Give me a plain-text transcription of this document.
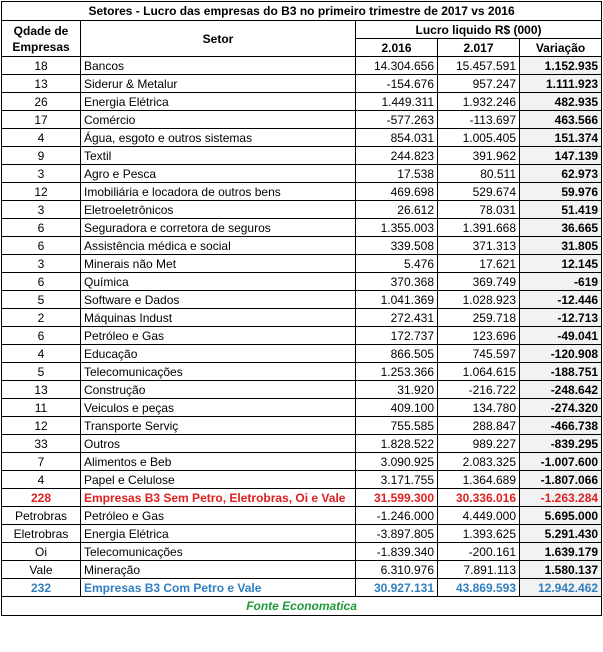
Setores - Lucro das empresas do B3 no primeiro trimestre de 2017 vs 2016				
Qdade de Empresas	Setor	Lucro liquido R$ (000)		
		2.016	2.017	Variação
18	Bancos	14.304.656	15.457.591	1.152.935
13	Siderur & Metalur	-154.676	957.247	1.111.923
26	Energia Elétrica	1.449.311	1.932.246	482.935
17	Comércio	-577.263	-113.697	463.566
4	Água, esgoto e outros sistemas	854.031	1.005.405	151.374
9	Textil	244.823	391.962	147.139
3	Agro e Pesca	17.538	80.511	62.973
12	Imobiliária e locadora de outros bens	469.698	529.674	59.976
3	Eletroeletrônicos	26.612	78.031	51.419
6	Seguradora e corretora de seguros	1.355.003	1.391.668	36.665
6	Assistência médica e social	339.508	371.313	31.805
3	Minerais não Met	5.476	17.621	12.145
6	Química	370.368	369.749	-619
5	Software e Dados	1.041.369	1.028.923	-12.446
2	Máquinas Indust	272.431	259.718	-12.713
6	Petróleo e Gas	172.737	123.696	-49.041
4	Educação	866.505	745.597	-120.908
5	Telecomunicações	1.253.366	1.064.615	-188.751
13	Construção	31.920	-216.722	-248.642
11	Veiculos e peças	409.100	134.780	-274.320
12	Transporte Serviç	755.585	288.847	-466.738
33	Outros	1.828.522	989.227	-839.295
7	Alimentos e Beb	3.090.925	2.083.325	-1.007.600
4	Papel e Celulose	3.171.755	1.364.689	-1.807.066
228	Empresas B3 Sem Petro, Eletrobras, Oi e Vale	31.599.300	30.336.016	-1.263.284
Petrobras	Petróleo e Gas	-1.246.000	4.449.000	5.695.000
Eletrobras	Energia Elétrica	-3.897.805	1.393.625	5.291.430
Oi	Telecomunicações	-1.839.340	-200.161	1.639.179
Vale	Mineração	6.310.976	7.891.113	1.580.137
232	Empresas B3 Com Petro e Vale	30.927.131	43.869.593	12.942.462
Fonte Economatica				
